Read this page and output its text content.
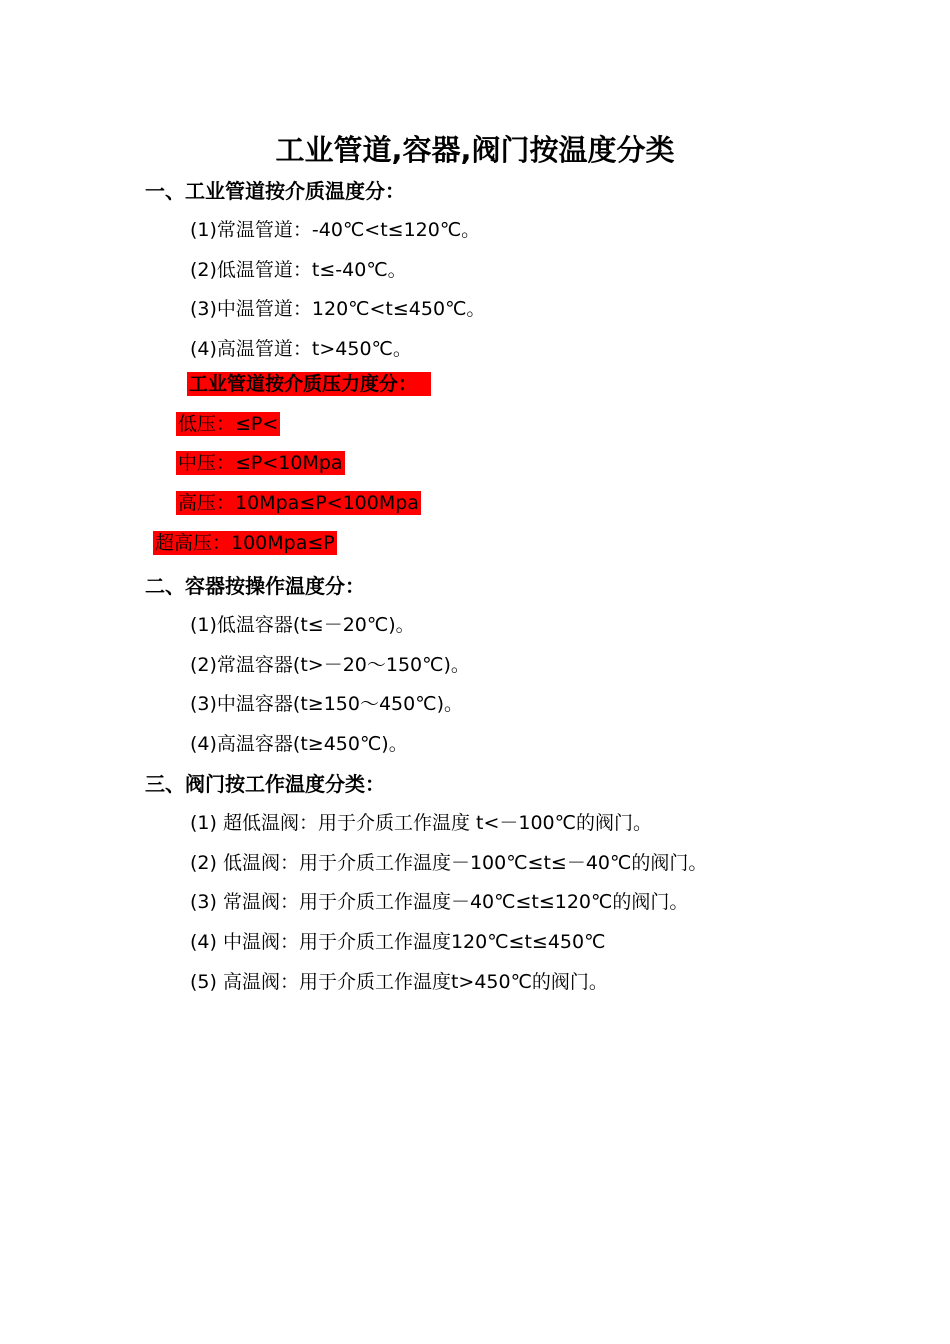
工业管道,容器,阀门按温度分类
一、工业管道按介质温度分：
(1)常温管道：-40℃<t≤120℃。
(2)低温管道：t≤-40℃。
(3)中温管道：120℃<t≤450℃。
(4)高温管道：t>450℃。
工业管道按介质压力度分：
低压：≤P<
中压：≤P<10Mpa
高压：10Mpa≤P<100Mpa
超高压：100Mpa≤P
二、容器按操作温度分：
(1)低温容器(t≤－20℃)。
(2)常温容器(t>－20～150℃)。
(3)中温容器(t≥150～450℃)。
(4)高温容器(t≥450℃)。
三、阀门按工作温度分类：
(1) 超低温阀：用于介质工作温度 t<－100℃的阀门。
(2) 低温阀：用于介质工作温度－100℃≤t≤－40℃的阀门。
(3) 常温阀：用于介质工作温度－40℃≤t≤120℃的阀门。
(4) 中温阀：用于介质工作温度120℃≤t≤450℃
(5) 高温阀：用于介质工作温度t>450℃的阀门。
